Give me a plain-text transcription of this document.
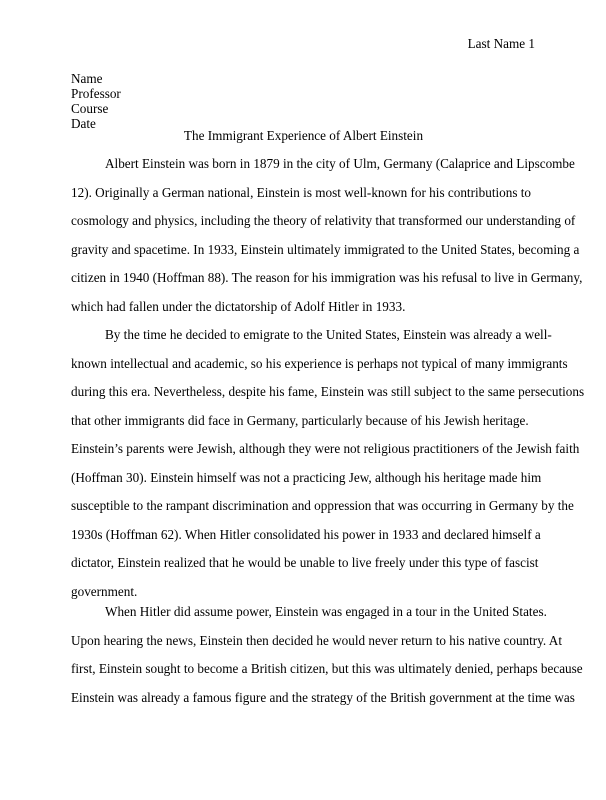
Last Name 1
Name
Professor
Course
Date
The Immigrant Experience of Albert Einstein
Albert Einstein was born in 1879 in the city of Ulm, Germany (Calaprice and Lipscombe
12). Originally a German national, Einstein is most well-known for his contributions to
cosmology and physics, including the theory of relativity that transformed our understanding of
gravity and spacetime. In 1933, Einstein ultimately immigrated to the United States, becoming a
citizen in 1940 (Hoffman 88). The reason for his immigration was his refusal to live in Germany,
which had fallen under the dictatorship of Adolf Hitler in 1933.
By the time he decided to emigrate to the United States, Einstein was already a well-
known intellectual and academic, so his experience is perhaps not typical of many immigrants
during this era. Nevertheless, despite his fame, Einstein was still subject to the same persecutions
that other immigrants did face in Germany, particularly because of his Jewish heritage.
Einstein’s parents were Jewish, although they were not religious practitioners of the Jewish faith
(Hoffman 30). Einstein himself was not a practicing Jew, although his heritage made him
susceptible to the rampant discrimination and oppression that was occurring in Germany by the
1930s (Hoffman 62). When Hitler consolidated his power in 1933 and declared himself a
dictator, Einstein realized that he would be unable to live freely under this type of fascist
government.
When Hitler did assume power, Einstein was engaged in a tour in the United States.
Upon hearing the news, Einstein then decided he would never return to his native country. At
first, Einstein sought to become a British citizen, but this was ultimately denied, perhaps because
Einstein was already a famous figure and the strategy of the British government at the time was
